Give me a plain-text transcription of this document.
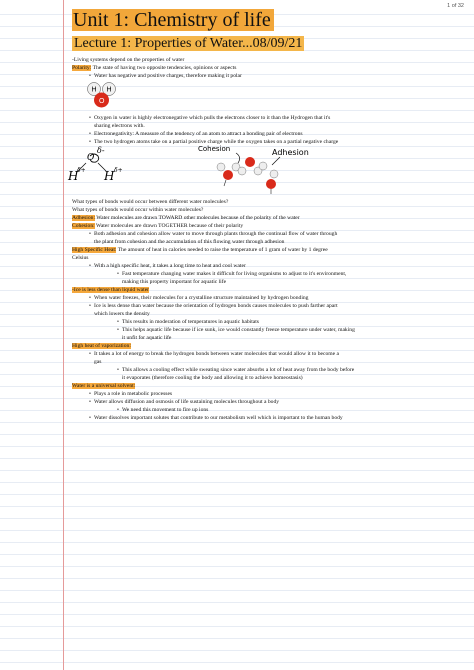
1 of 32
Unit 1: Chemistry of life
Lecture 1: Properties of Water...08/09/21

-Living systems depend on the properties of water

Polarity: The state of having two opposite tendencies, opinions or aspects

• Water has negative and positive charges, therefore making it polar

H H
O

• Oxygen in water is highly electronegative which pulls the electrons closer to it than the Hydrogen that it's

sharing electrons with.

• Electronegativity: A measure of the tendency of an atom to attract a bonding pair of electrons

• The two hydrogen atoms take on a partial positive charge while the oxygen takes on a partial negative charge

δ-
O
H
δ+ H δ+
Cohesion	Adhesion

What types of bonds would occur between different water molecules?

What types of bonds would occur within water molecules?

Adhesion: Water molecules are drawn TOWARD other molecules because of the polarity of the water

Cohesion: Water molecules are drawn TOGETHER because of their polarity

• Both adhesion and cohesion allow water to move through plants through the continual flow of water through

the plant from cohesion and the accumulation of this flowing water through adhesion

High Specific Heat: The amount of heat in calories needed to raise the temperature of 1 gram of water by 1 degree

Celsius

• With a high specific heat, it takes a long time to heat and cool water

• Fast temperature changing water makes it difficult for living organisms to adjust to it's environment,

making this property important for aquatic life

-Ice is less dense than liquid water

• When water freezes, their molecules for a crystalline structure maintained by hydrogen bonding

• Ice is less dense than water because the orientation of hydrogen bonds causes molecules to push farther apart

which lowers the density

• This results in moderation of temperatures in aquatic habitats

• This helps aquatic life because if ice sunk, ice would constantly freeze temperature under water, making

it unfit for aquatic life

High heat of vaporization:

• It takes a lot of energy to break the hydrogen bonds between water molecules that would allow it to become a

gas

• This allows a cooling effect while sweating since water absorbs a lot of heat away from the body before

it evaporates (therefore cooling the body and allowing it to achieve homeostasis)

Water is a universal solvent:

• Plays a role in metabolic processes

• Water allows diffusion and osmosis of life sustaining molecules throughout a body

• We need this movement to fire up ions

• Water dissolves important solutes that contribute to our metabolism well which is important to the human body
